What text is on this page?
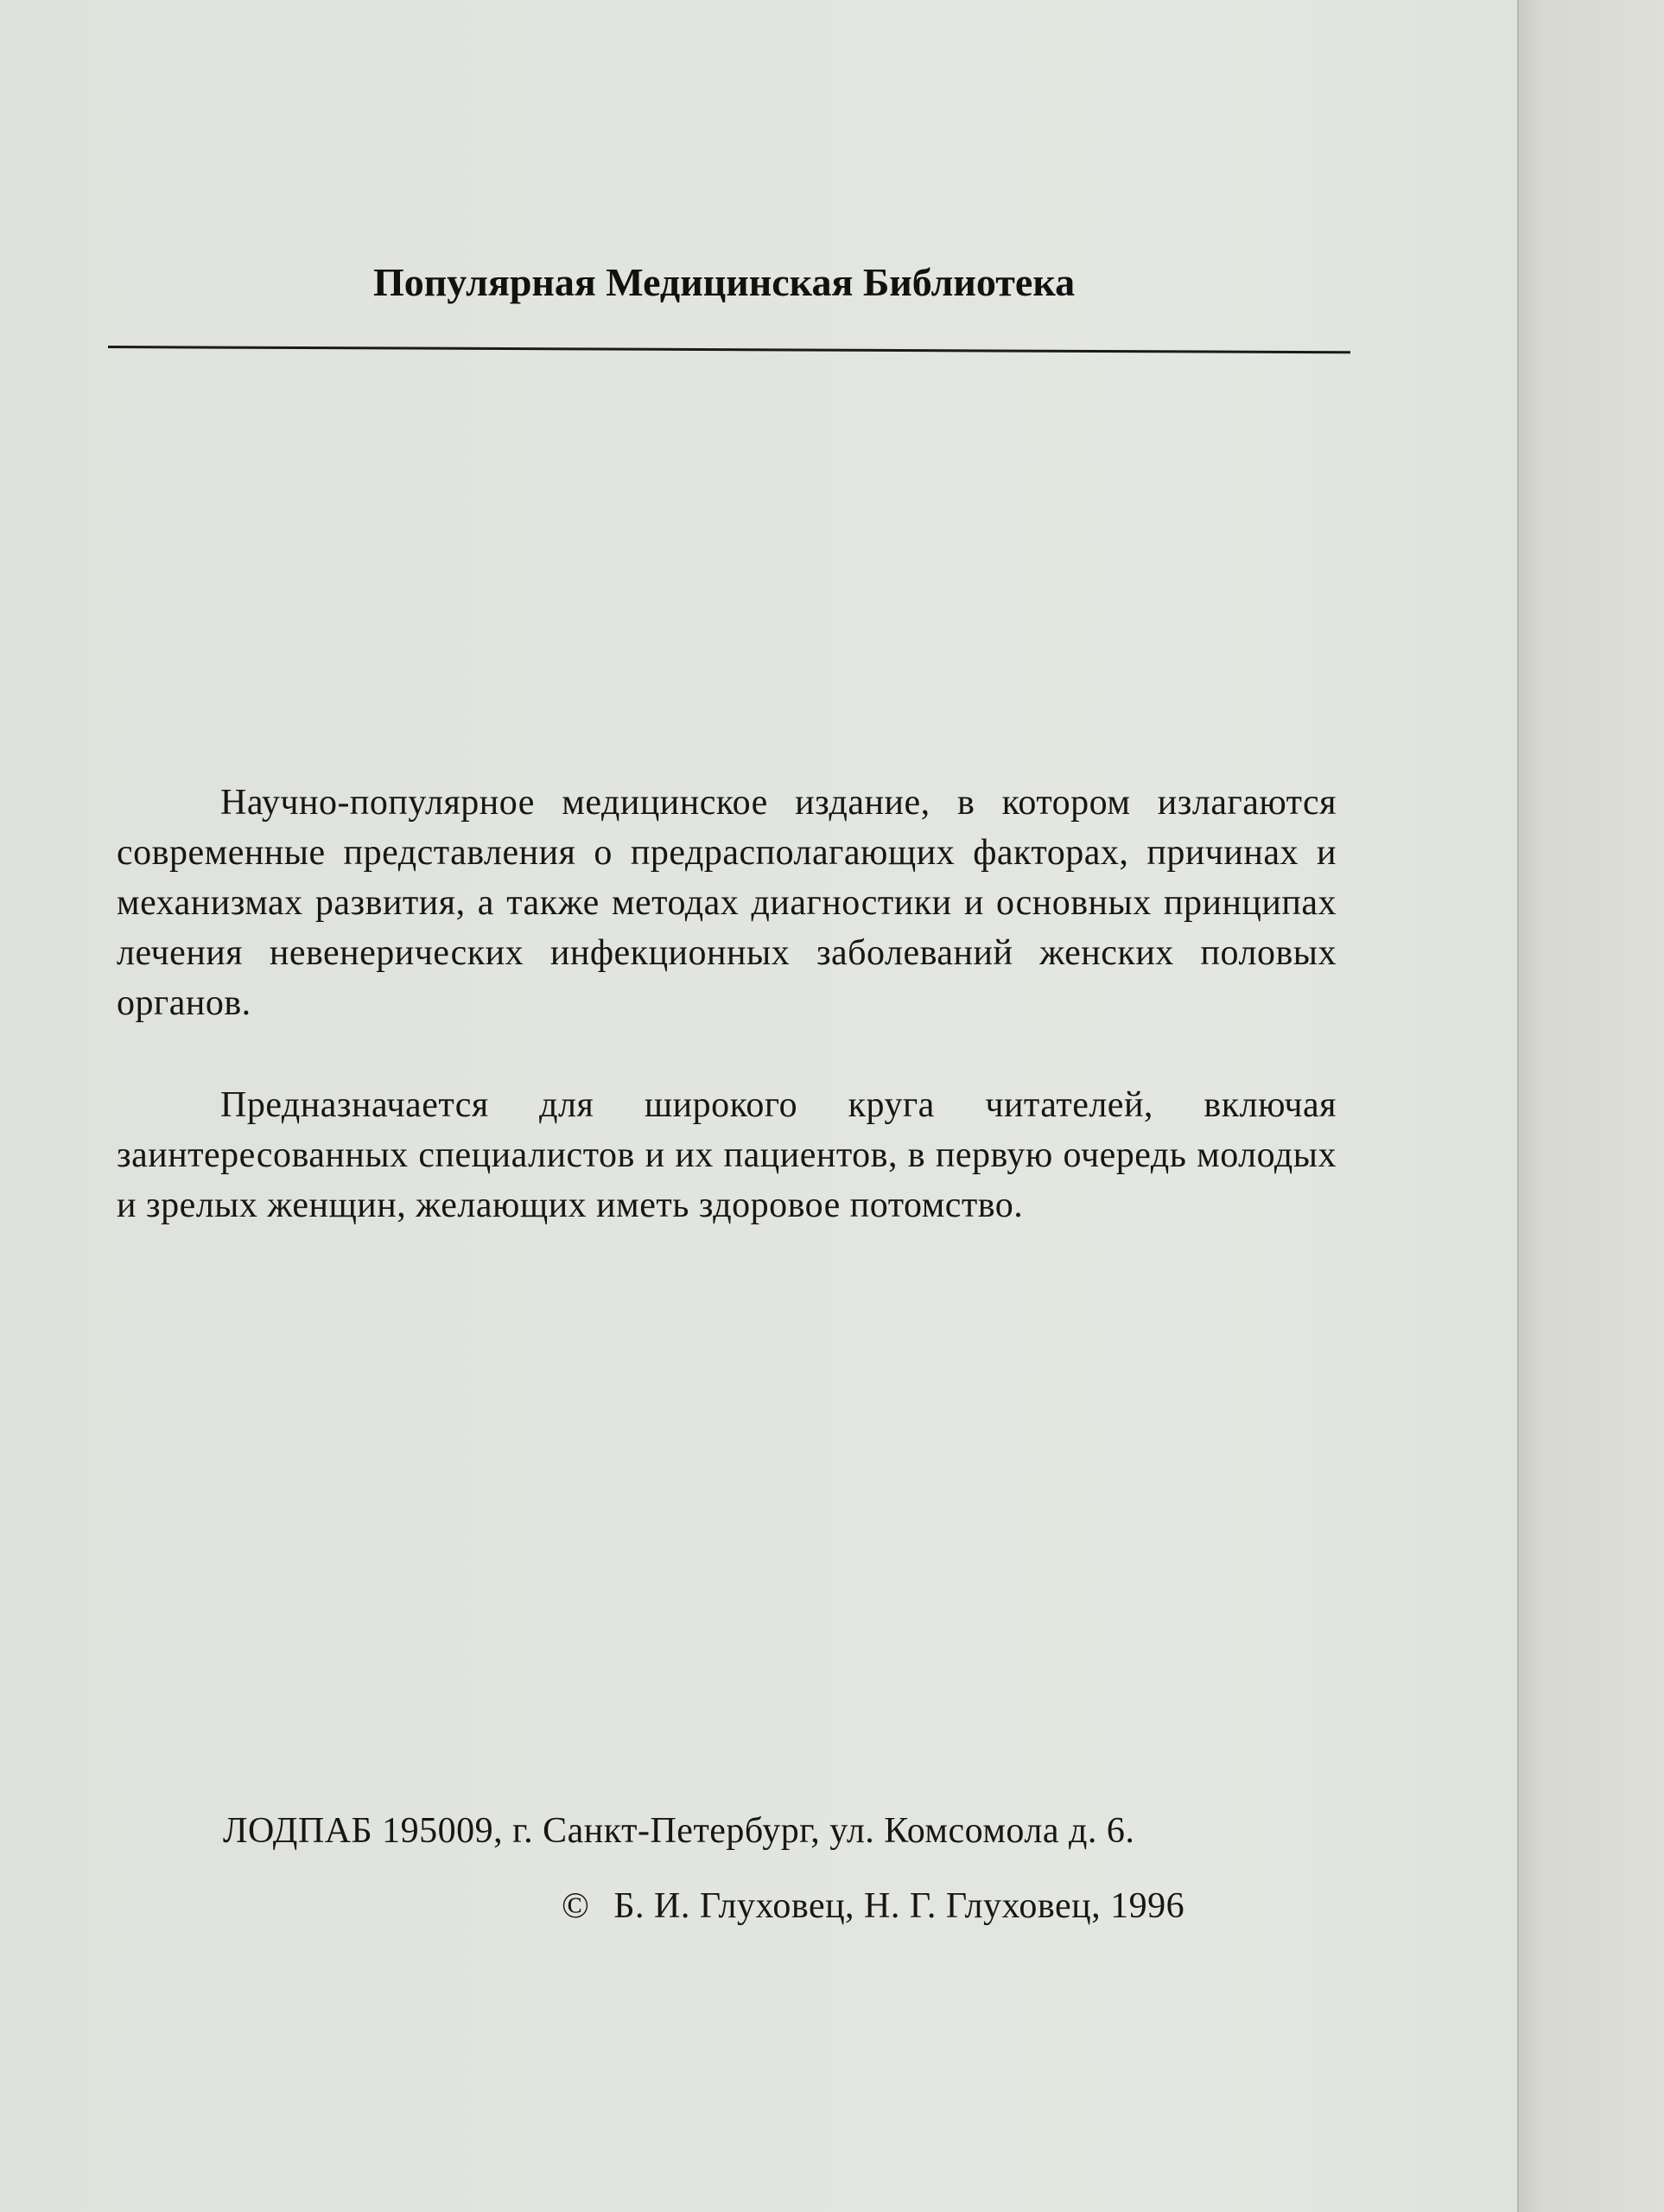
Популярная Медицинская Библиотека

Научно-популярное медицинское издание, в котором излагаются современные представления о предрасполагающих факторах, причинах и механизмах развития, а также методах диагностики и основных принципах лечения невенерических инфекционных заболеваний женских половых органов.

Предназначается для широкого круга читателей, включая заинтересованных специалистов и их пациентов, в первую очередь молодых и зрелых женщин, желающих иметь здоровое потомство.

ЛОДПАБ 195009, г. Санкт-Петербург, ул. Комсомола д. 6.
© Б. И. Глуховец, Н. Г. Глуховец, 1996
